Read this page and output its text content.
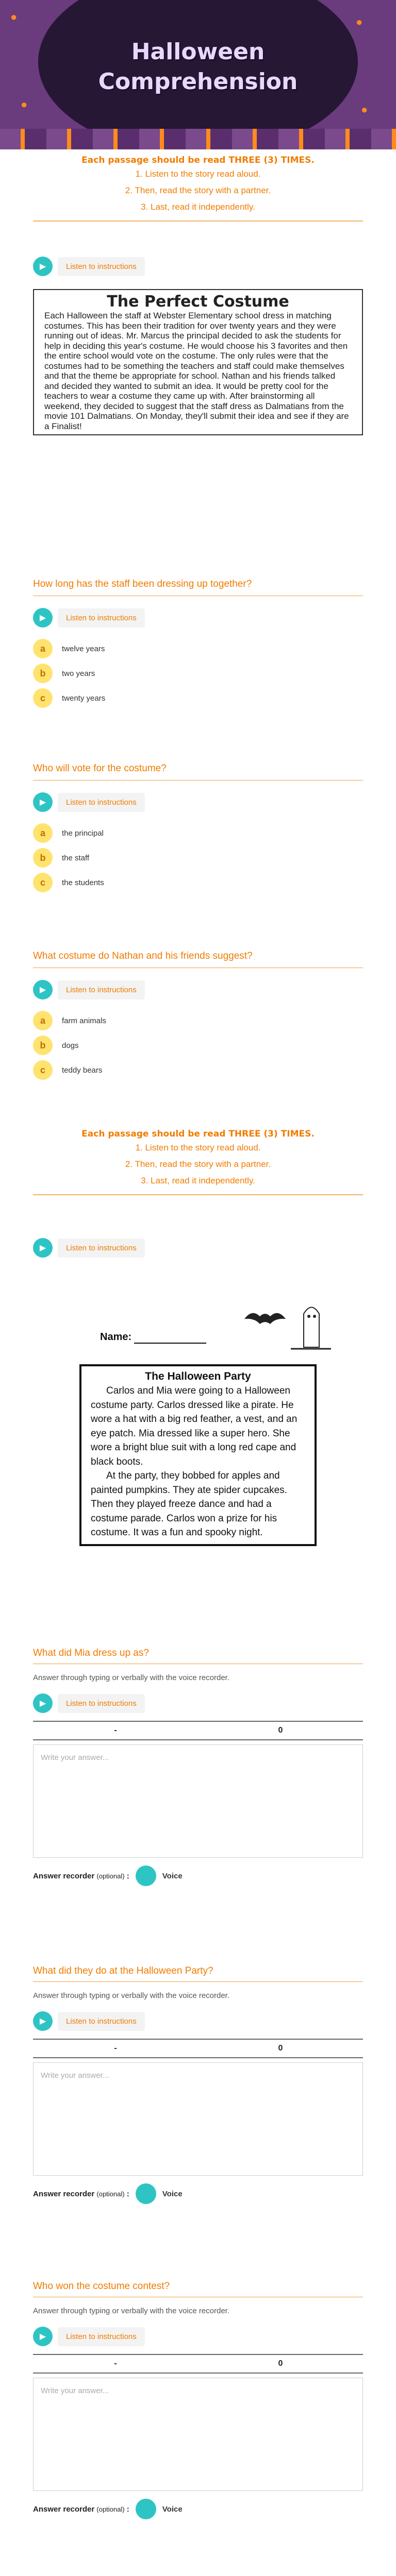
●	●
●	●
Halloween
Comprehension
Each passage should be read THREE (3) TIMES.
1. Listen to the story read aloud.
2. Then, read the story with a partner.
3. Last, read it independently.
▶	Listen to instructions
The Perfect Costume

Each Halloween the staff at Webster Elementary school dress in matching costumes. This has been their tradition for over twenty years and they were running out of ideas. Mr. Marcus the principal decided to ask the students for help in deciding this year's costume. He would choose his 3 favorites and then the entire school would vote on the costume. The only rules were that the costumes had to be something the teachers and staff could make themselves and that the theme be appropriate for school. Nathan and his friends talked and decided they wanted to submit an idea. It would be pretty cool for the teachers to wear a costume they came up with. After brainstorming all weekend, they decided to suggest that the staff dress as Dalmatians from the movie 101 Dalmatians. On Monday, they'll submit their idea and see if they are a Finalist!

How long has the staff been dressing up together?
▶	Listen to instructions
a	twelve years
b	two years
c	twenty years
Who will vote for the costume?
▶	Listen to instructions
a	the principal
b	the staff
c	the students
What costume do Nathan and his friends suggest?
▶	Listen to instructions
a	farm animals
b	dogs
c	teddy bears
Each passage should be read THREE (3) TIMES.
1. Listen to the story read aloud.
2. Then, read the story with a partner.
3. Last, read it independently.
▶	Listen to instructions
Name:
The Halloween Party

Carlos and Mia were going to a Halloween costume party. Carlos dressed like a pirate. He wore a hat with a big red feather, a vest, and an eye patch. Mia dressed like a super hero. She wore a bright blue suit with a long red cape and black boots.

At the party, they bobbed for apples and painted pumpkins. They ate spider cupcakes. Then they played freeze dance and had a costume parade. Carlos won a prize for his costume. It was a fun and spooky night.

What did Mia dress up as?
Answer through typing or verbally with the voice recorder.
▶	Listen to instructions
-	0
Write your answer...
Answer recorder (optional) :	Voice
What did they do at the Halloween Party?
Answer through typing or verbally with the voice recorder.
▶	Listen to instructions
-	0
Write your answer...
Answer recorder (optional) :	Voice
Who won the costume contest?
Answer through typing or verbally with the voice recorder.
▶	Listen to instructions
-	0
Write your answer...
Answer recorder (optional) :	Voice
